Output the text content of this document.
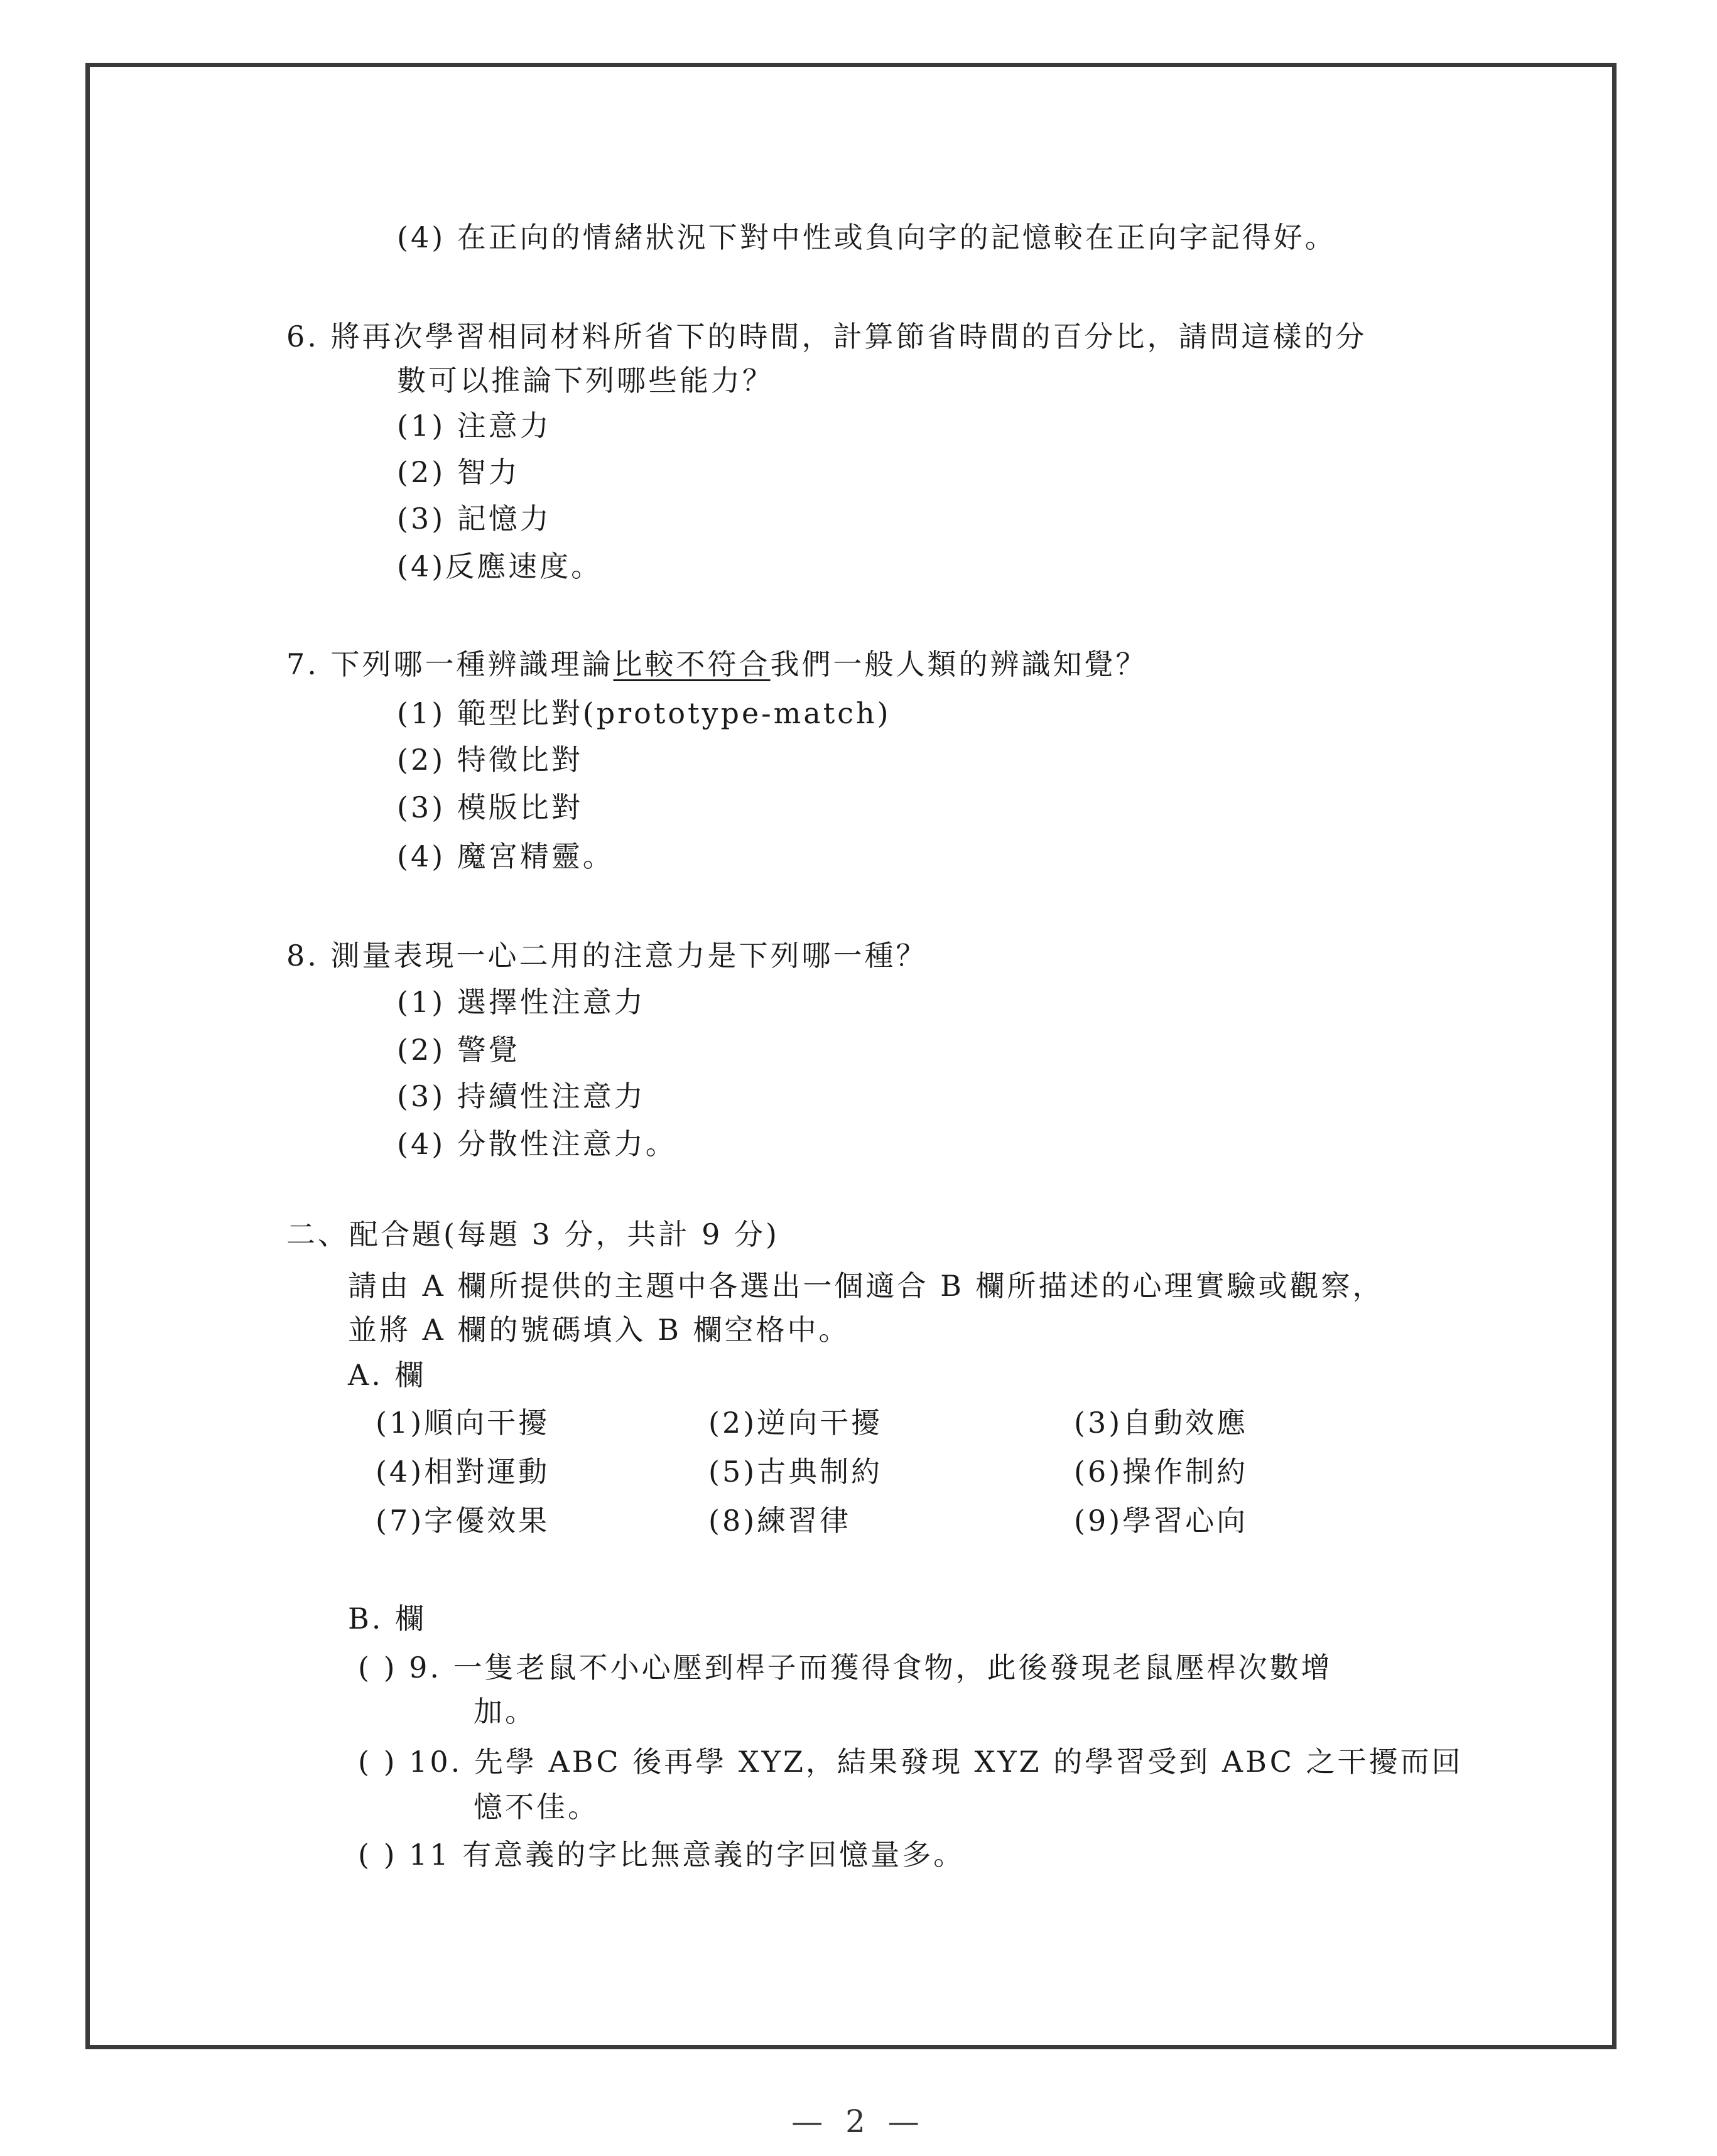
(4) 在正向的情緒狀況下對中性或負向字的記憶較在正向字記得好。
6. 將再次學習相同材料所省下的時間，計算節省時間的百分比，請問這樣的分
數可以推論下列哪些能力？
(1) 注意力
(2) 智力
(3) 記憶力
(4)反應速度。
7. 下列哪一種辨識理論比較不符合我們一般人類的辨識知覺？
(1) 範型比對(prototype-match)
(2) 特徵比對
(3) 模版比對
(4) 魔宮精靈。
8. 測量表現一心二用的注意力是下列哪一種？
(1) 選擇性注意力
(2) 警覺
(3) 持續性注意力
(4) 分散性注意力。
二、配合題(每題 3 分，共計 9 分)
請由 A 欄所提供的主題中各選出一個適合 B 欄所描述的心理實驗或觀察，
並將 A 欄的號碼填入 B 欄空格中。
A. 欄
(1)順向干擾	(2)逆向干擾	(3)自動效應
(4)相對運動	(5)古典制約	(6)操作制約
(7)字優效果	(8)練習律	(9)學習心向
B. 欄
( ) 9. 一隻老鼠不小心壓到桿子而獲得食物，此後發現老鼠壓桿次數增
加。
( ) 10. 先學 ABC 後再學 XYZ，結果發現 XYZ 的學習受到 ABC 之干擾而回
憶不佳。
( ) 11 有意義的字比無意義的字回憶量多。
— 2 —
